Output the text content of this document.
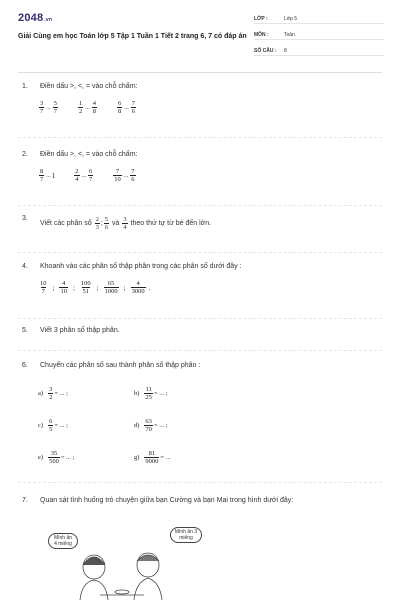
2048.vn
Giải Cùng em học Toán lớp 5 Tập 1 Tuần 1 Tiết 2 trang 6, 7 có đáp án
LỚP :	Lớp 5
MÔN :	Toán
SỐ CÂU : 8
1. Điền dấu >, <, = vào chỗ chấm:
$\frac{3}{7}$ ... $\frac{5}{7}$	$\frac{1}{2}$ ... $\frac{4}{8}$	$\frac{6}{8}$ ... $\frac{7}{6}$
2. Điền dấu >, <, = vào chỗ chấm:
$\frac{8}{7}$ ... 1	$\frac{2}{4}$ ... $\frac{6}{7}$	$\frac{7}{10}$ ... $\frac{7}{6}$
3.
Viết các phân số
$\frac{2}{3}$ ; $\frac{5}{6}$
và
$\frac{3}{4}$
theo thứ tự từ bé đến lớn.
4. Khoanh vào các phân số thập phân trong các phân số dưới đây :
$\frac{10}{7}$ ; $\frac{4}{10}$ ; $\frac{100}{51}$ ; $\frac{65}{1000}$ ; $\frac{4}{3000}$ .
5. Viết 3 phân số thập phân.
6. Chuyển các phân số sau thành phân số thập phân :
$a) \frac{3}{2}$ = ... ;	$b) \frac{11}{25}$ = ... ;
$c) \frac{6}{5}$ = ... ;	$d) \frac{63}{70}$ = ... ;
$e) \frac{35}{500}$ = ... ;	$g) \frac{81}{9000}$ = ...
7. Quan sát tình huống trò chuyện giữa bạn Cường và bạn Mai trong hình dưới đây:
Mình ăn 4 miếng
Mình ăn 3 miếng
